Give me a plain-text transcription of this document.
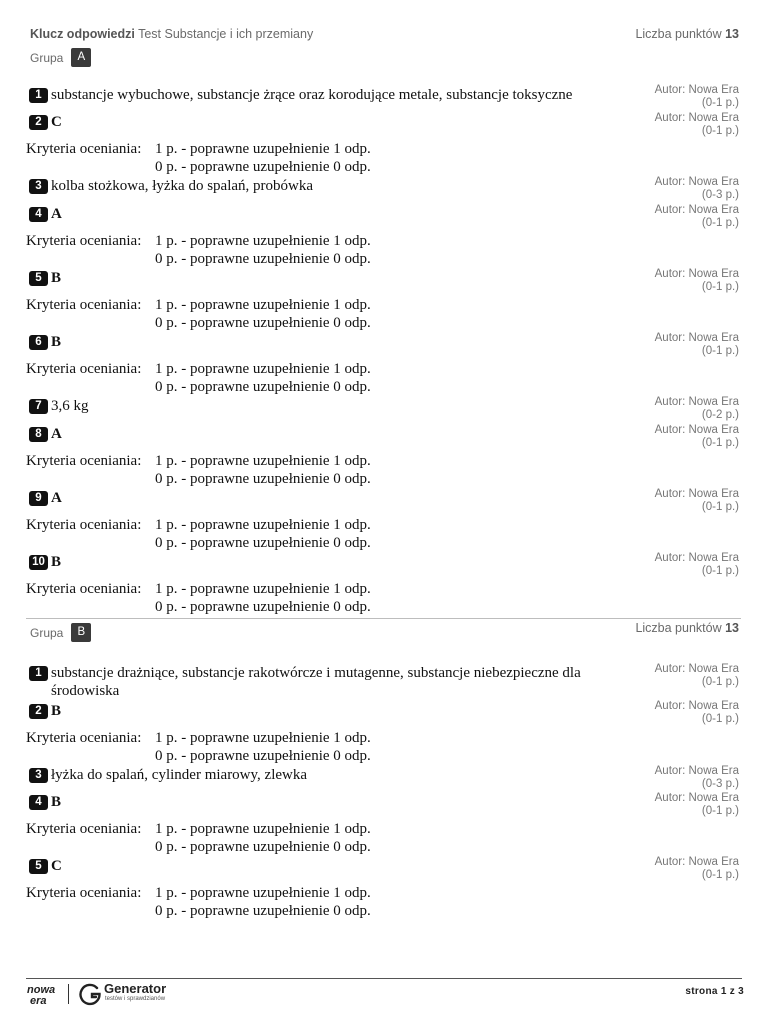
Klucz odpowiedzi Test Substancje i ich przemiany	Liczba punktów 13
Grupa	A
1 substancje wybuchowe, substancje żrące oraz korodujące metale, substancje toksyczne	Autor: Nowa Era
(0-1 p.)
2 C	Autor: Nowa Era
(0-1 p.)
Kryteria oceniania: 1 p. - poprawne uzupełnienie 1 odp.
0 p. - poprawne uzupełnienie 0 odp.
3 kolba stożkowa, łyżka do spalań, probówka	Autor: Nowa Era
(0-3 p.)
4 A	Autor: Nowa Era
(0-1 p.)
Kryteria oceniania: 1 p. - poprawne uzupełnienie 1 odp.
0 p. - poprawne uzupełnienie 0 odp.
5 B	Autor: Nowa Era
(0-1 p.)
Kryteria oceniania: 1 p. - poprawne uzupełnienie 1 odp.
0 p. - poprawne uzupełnienie 0 odp.
6 B	Autor: Nowa Era
(0-1 p.)
Kryteria oceniania: 1 p. - poprawne uzupełnienie 1 odp.
0 p. - poprawne uzupełnienie 0 odp.
7 3,6 kg	Autor: Nowa Era
(0-2 p.)
8 A	Autor: Nowa Era
(0-1 p.)
Kryteria oceniania: 1 p. - poprawne uzupełnienie 1 odp.
0 p. - poprawne uzupełnienie 0 odp.
9 A	Autor: Nowa Era
(0-1 p.)
Kryteria oceniania: 1 p. - poprawne uzupełnienie 1 odp.
0 p. - poprawne uzupełnienie 0 odp.
10 B	Autor: Nowa Era
(0-1 p.)
Kryteria oceniania: 1 p. - poprawne uzupełnienie 1 odp.
0 p. - poprawne uzupełnienie 0 odp.
Grupa	B	Liczba punktów 13
1 substancje drażniące, substancje rakotwórcze i mutagenne, substancje niebezpieczne dla środowiska
Autor: Nowa Era
(0-1 p.)
2 B	Autor: Nowa Era
(0-1 p.)
Kryteria oceniania: 1 p. - poprawne uzupełnienie 1 odp.
0 p. - poprawne uzupełnienie 0 odp.
3 łyżka do spalań, cylinder miarowy, zlewka	Autor: Nowa Era
(0-3 p.)
4 B	Autor: Nowa Era
(0-1 p.)
Kryteria oceniania: 1 p. - poprawne uzupełnienie 1 odp.
0 p. - poprawne uzupełnienie 0 odp.
5 C	Autor: Nowa Era
(0-1 p.)
Kryteria oceniania: 1 p. - poprawne uzupełnienie 1 odp.
0 p. - poprawne uzupełnienie 0 odp.
nowa
era
Generator
testów i sprawdzianów
strona 1 z 3
